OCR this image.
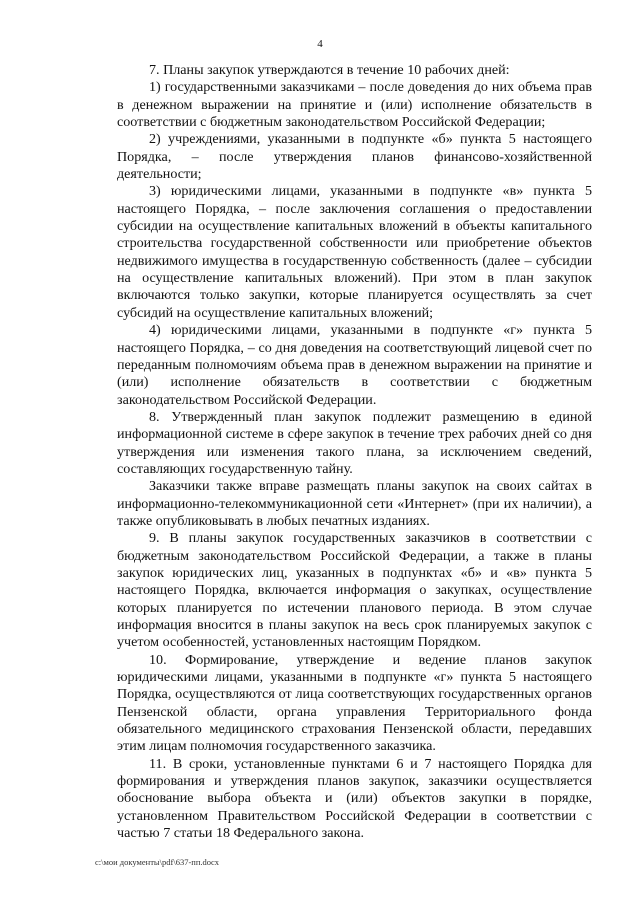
4

7. Планы закупок утверждаются в течение 10 рабочих дней:

1) государственными заказчиками – после доведения до них объема прав в денежном выражении на принятие и (или) исполнение обязательств в соответствии с бюджетным законодательством Российской Федерации;

2) учреждениями, указанными в подпункте «б» пункта 5 настоящего Порядка, – после утверждения планов финансово-хозяйственной деятельности;

3) юридическими лицами, указанными в подпункте «в» пункта 5 настоящего Порядка, – после заключения соглашения о предоставлении субсидии на осуществление капитальных вложений в объекты капитального строительства государственной собственности или приобретение объектов недвижимого имущества в государственную собственность (далее – субсидии на осуществление капитальных вложений). При этом в план закупок включаются только закупки, которые планируется осуществлять за счет субсидий на осуществление капитальных вложений;

4) юридическими лицами, указанными в подпункте «г» пункта 5 настоящего Порядка, – со дня доведения на соответствующий лицевой счет по переданным полномочиям объема прав в денежном выражении на принятие и (или) исполнение обязательств в соответствии с бюджетным законодательством Российской Федерации.

8. Утвержденный план закупок подлежит размещению в единой информационной системе в сфере закупок в течение трех рабочих дней со дня утверждения или изменения такого плана, за исключением сведений, составляющих государственную тайну.

Заказчики также вправе размещать планы закупок на своих сайтах в информационно-телекоммуникационной сети «Интернет» (при их наличии), а также опубликовывать в любых печатных изданиях.

9. В планы закупок государственных заказчиков в соответствии с бюджетным законодательством Российской Федерации, а также в планы закупок юридических лиц, указанных в подпунктах «б» и «в» пункта 5 настоящего Порядка, включается информация о закупках, осуществление которых планируется по истечении планового периода. В этом случае информация вносится в планы закупок на весь срок планируемых закупок с учетом особенностей, установленных настоящим Порядком.

10. Формирование, утверждение и ведение планов закупок юридическими лицами, указанными в подпункте «г» пункта 5 настоящего Порядка, осуществляются от лица соответствующих государственных органов Пензенской области, органа управления Территориального фонда обязательного медицинского страхования Пензенской области, передавших этим лицам полномочия государственного заказчика.

11. В сроки, установленные пунктами 6 и 7 настоящего Порядка для формирования и утверждения планов закупок, заказчики осуществляется обоснование выбора объекта и (или) объектов закупки в порядке, установленном Правительством Российской Федерации в соответствии с частью 7 статьи 18 Федерального закона.

c:\мои документы\pdf\637-пп.docx
